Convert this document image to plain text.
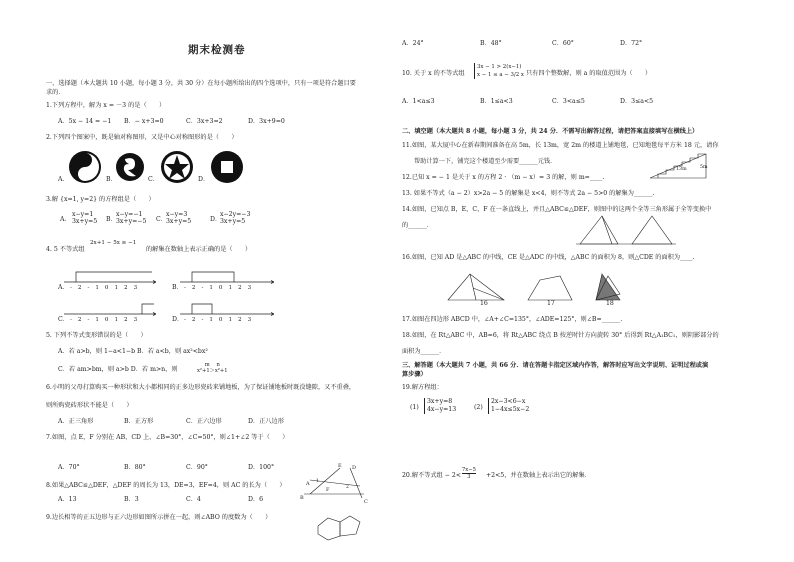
期末检测卷
一、选择题（本大题共 10 小题，每小题 3 分，共 30 分）在每小题所给出的四个选项中，只有一项是符合题目要
求的．
1.下列方程中，解为 x = －3 的是（　　）
A．5x − 14 = −1 B．− x+3=0	C．3x+3=2	D．3x+9=0
2.下列四个图案中，既是轴对称图形，又是中心对称图形的是（　　）
A．	B．	C．	D．
3.解 {x=1, y=2} 的方程组是（　　）
A．
x−y=1
3x+y=5 B．
x−y=−1
3x+y=−5 C．
x−y=3
3x+y=5	D．
x−2y=−3
3x+y=5
4. 5 不等式组
2x+1 − 5x ≥ −1
的解集在数轴上表示正确的是（　　）
A．	B．
C．	D．
-2-10123	-2-10123
-2-10123	-2-10123
5. 下列不等式变形错误的是（　　）
A．若 a>b，则 1−a<1−b B．若 a<b，则 ax²<bx²
C．若 am>bm，则 a>b D．若 m>n，则
m　 n
x²+1＞x²+1
6.小明的父母打算购买一种形状和大小都相同的正多边形瓷砖来铺地板，为了保证铺地板时既没缝隙，又不重叠，
则所购瓷砖形状不能是（　　）
A．正三角形	B．正方形	C．正六边形	D．正八边形
7.如图，点 E，F 分别在 AB，CD 上，∠B=30°，∠C=50°，则∠1+∠2 等于（　　）
A．70°	B．80°	C．90°	D．100°	E
A
B
D
F
C
1
2
8.如果△ABC≌△DEF，△DEF 的周长为 13，DE=3，EF=4，则 AC 的长为（　　）
A．13	B．3	C．4	D．6
9.边长相等的正五边形与正六边形如图所示拼在一起，则∠ABO 的度数为（　　）
A．24°	B．48°	C．60°	D．72°
10. 关于 x 的不等式组
3x − 1 > 2(x−1)
x − 1 ≤ a − 3/2 x 只有四个整数解，则 a 的取值范围为（　　）
A．1<a≤3	B．1≤a<3	C．3<a≤5	D．3≤a<5
二、填空题（本大题共 8 小题，每小题 3 分，共 24 分．不需写出解答过程，请把答案直接填写在横线上）
11.如图，某大厦中心在新春期间准备在高 5m，长 13m，宽 2m 的楼道上铺地毯，已知地毯每平方米 18 元，请你
帮助计算一下，铺完这个楼道至少需要______元钱．
13m	5m
12.已知 x = − 1 是关于 x 的方程 2 · （m − x）= 3 的解，则 m=____.
13. 如果不等式（a − 2）x>2a − 5 的解集是 x<4，则不等式 2a − 5>0 的解集为______.
14.如图，已知点 B，E，C，F 在一条直线上，并且△ABC≌△DEF，则图中的这两个全等三角形属于全等变换中
的______．
16.如图，已知 AD 是△ABC 的中线，CE 是△ADC 的中线，△ABC 的面积为 8，则△CDE 的面积为____.
16	17	18
17.如图在四边形 ABCD 中，∠A+∠C=135°，∠ADE=125°，则∠B=______.
18.如图，在 Rt△ABC 中，AB=6，将 Rt△ABC 绕点 B 按逆时针方向旋转 30° 后得到 Rt△A₁BC₁，则阴影部分的
面积为______．
三、解答题（本大题共 7 小题，共 66 分．请在答题卡指定区域内作答，解答时应写出文字说明、证明过程或演
算步骤）
19.解方程组：
(1)
3x+y=8
4x−y=13	(2)
2x−3<6−x
1−4x≤5x−2
20.解不等式组 − 2<
7x−5
3	+2<5，并在数轴上表示出它的解集．
